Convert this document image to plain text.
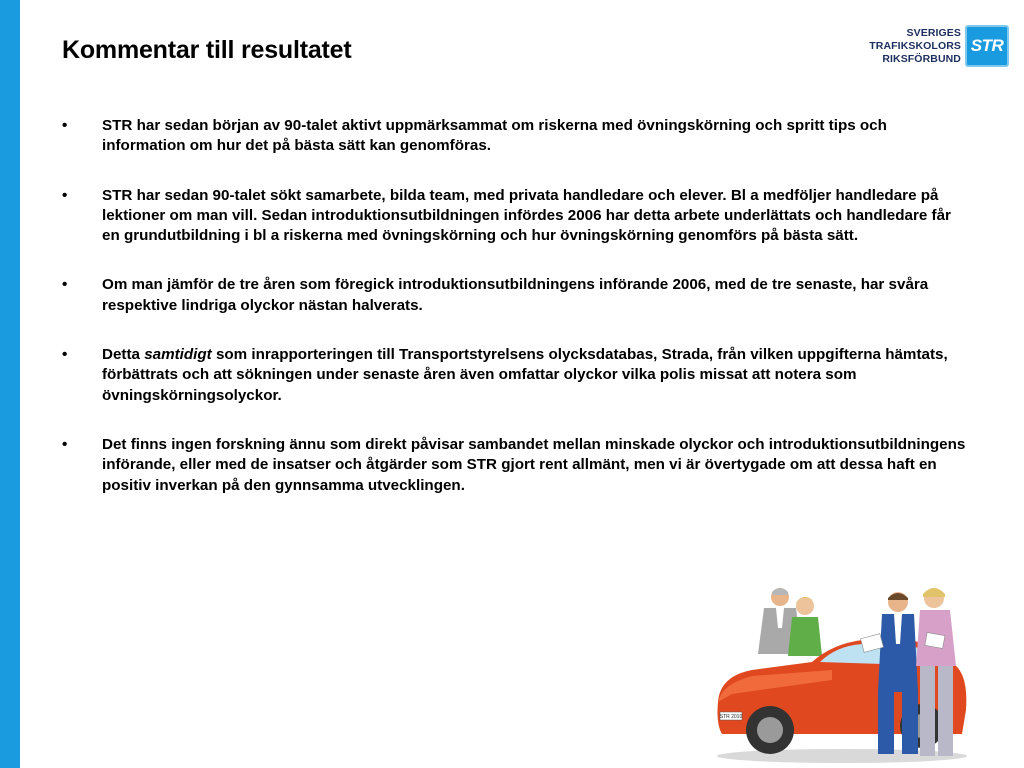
Kommentar till resultatet
SVERIGES
TRAFIKSKOLORS
RIKSFÖRBUND
STR
• STR har sedan början av 90-talet aktivt uppmärksammat om riskerna med övningskörning och spritt tips och information om hur det på bästa sätt kan genomföras.
• STR har sedan 90-talet sökt samarbete, bilda team, med privata handledare och elever. Bl a medföljer handledare på lektioner om man vill. Sedan introduktionsutbildningen infördes 2006 har detta arbete underlättats och handledare får en grundutbildning i bl a riskerna med övningskörning och hur övningskörning genomförs på bästa sätt.
• Om man jämför de tre åren som föregick introduktionsutbildningens införande 2006, med de tre senaste, har svåra respektive lindriga olyckor nästan halverats.
• Detta samtidigt som inrapporteringen till Transportstyrelsens olycksdatabas, Strada, från vilken uppgifterna hämtats, förbättrats och att sökningen under senaste åren även omfattar olyckor vilka polis missat att notera som övningskörningsolyckor.
• Det finns ingen forskning ännu som direkt påvisar sambandet mellan minskade olyckor och introduktionsutbildningens införande, eller med de insatser och åtgärder som STR gjort rent allmänt, men vi är övertygade om att dessa haft en positiv inverkan på den gynnsamma utvecklingen.
STR 2010
